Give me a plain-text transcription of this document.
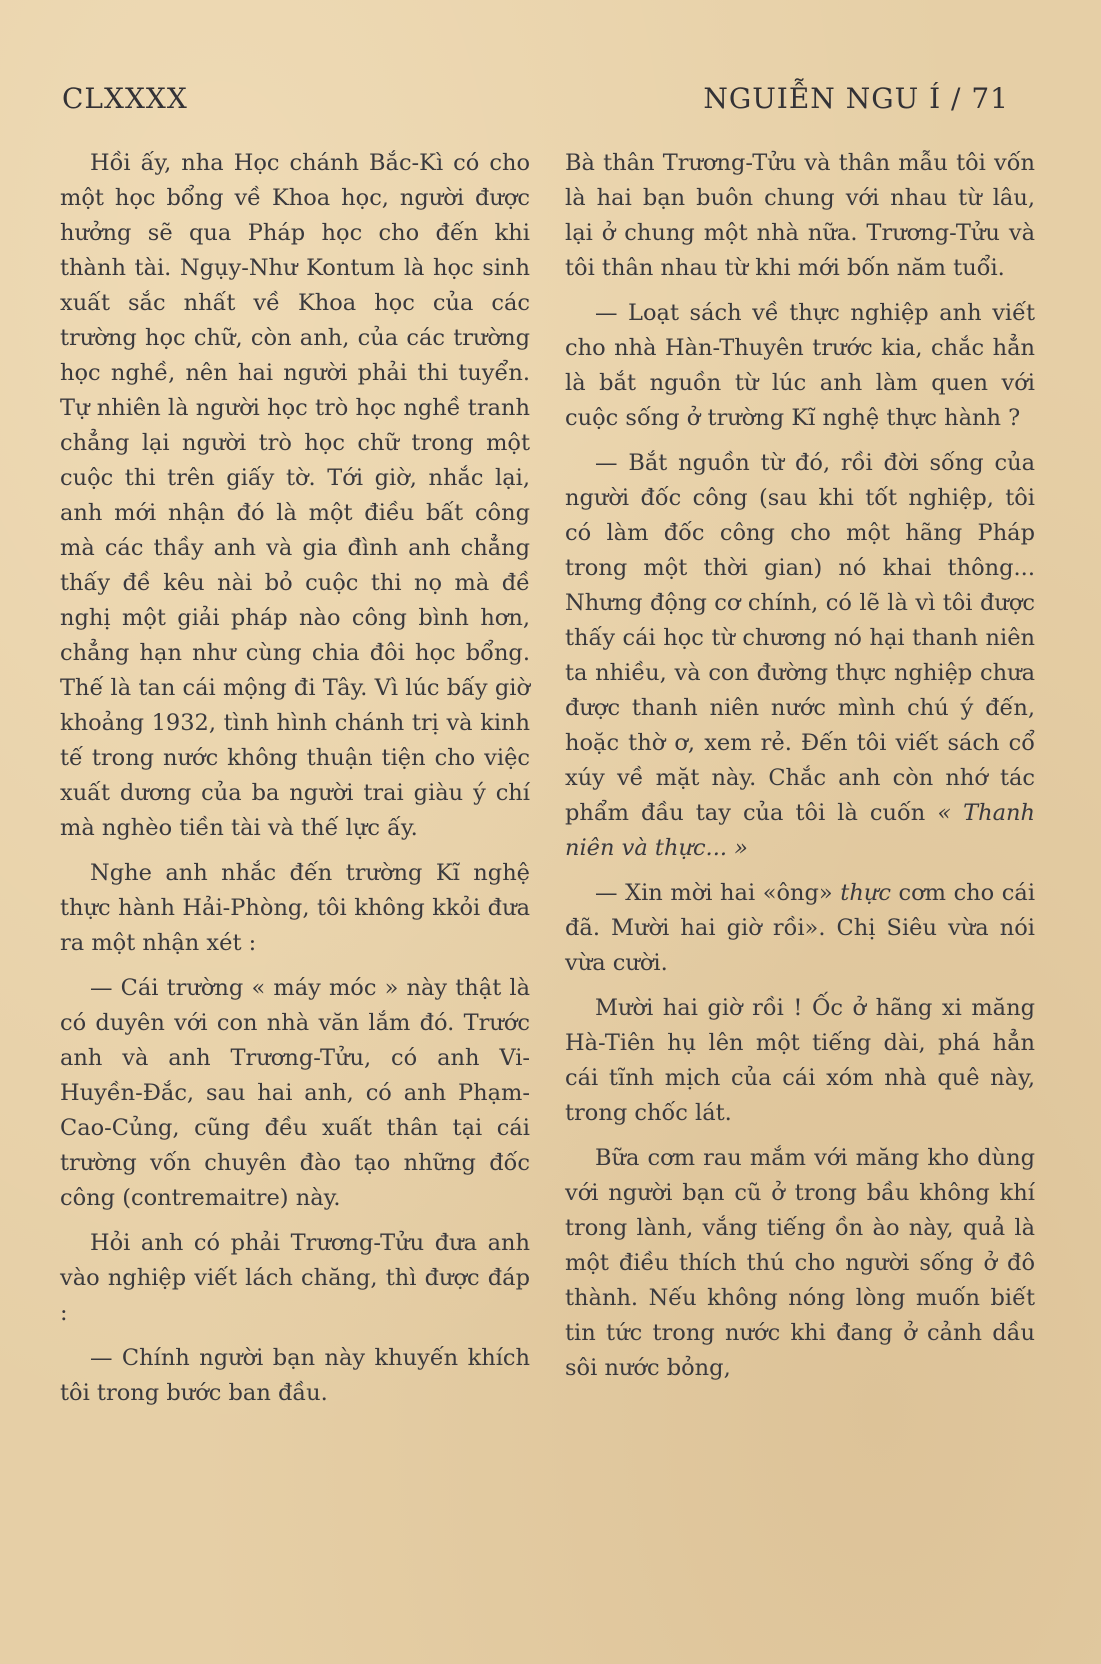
CLXXXX	NGUIỄN NGU Í / 71

Hồi ấy, nha Học chánh Bắc-Kì có cho một học bổng về Khoa học, người được hưởng sẽ qua Pháp học cho đến khi thành tài. Ngụy-Như Kontum là học sinh xuất sắc nhất về Khoa học của các trường học chữ, còn anh, của các trường học nghề, nên hai người phải thi tuyển. Tự nhiên là người học trò học nghề tranh chẳng lại người trò học chữ trong một cuộc thi trên giấy tờ. Tới giờ, nhắc lại, anh mới nhận đó là một điều bất công mà các thầy anh và gia đình anh chẳng thấy đề kêu nài bỏ cuộc thi nọ mà đề nghị một giải pháp nào công bình hơn, chẳng hạn như cùng chia đôi học bổng. Thế là tan cái mộng đi Tây. Vì lúc bấy giờ khoảng 1932, tình hình chánh trị và kinh tế trong nước không thuận tiện cho việc xuất dương của ba người trai giàu ý chí mà nghèo tiền tài và thế lực ấy.

Nghe anh nhắc đến trường Kĩ nghệ thực hành Hải-Phòng, tôi không kkỏi đưa ra một nhận xét :

— Cái trường « máy móc » này thật là có duyên với con nhà văn lắm đó. Trước anh và anh Trương-Tửu, có anh Vi-Huyền-Đắc, sau hai anh, có anh Phạm-Cao-Củng, cũng đều xuất thân tại cái trường vốn chuyên đào tạo những đốc công (contremaitre) này.

Hỏi anh có phải Trương-Tửu đưa anh vào nghiệp viết lách chăng, thì được đáp :

— Chính người bạn này khuyến khích tôi trong bước ban đầu.

Bà thân Trương-Tửu và thân mẫu tôi vốn là hai bạn buôn chung với nhau từ lâu, lại ở chung một nhà nữa. Trương-Tửu và tôi thân nhau từ khi mới bốn năm tuổi.

— Loạt sách về thực nghiệp anh viết cho nhà Hàn-Thuyên trước kia, chắc hẳn là bắt nguồn từ lúc anh làm quen với cuộc sống ở trường Kĩ nghệ thực hành ?

— Bắt nguồn từ đó, rồi đời sống của người đốc công (sau khi tốt nghiệp, tôi có làm đốc công cho một hãng Pháp trong một thời gian) nó khai thông... Nhưng động cơ chính, có lẽ là vì tôi được thấy cái học từ chương nó hại thanh niên ta nhiều, và con đường thực nghiệp chưa được thanh niên nước mình chú ý đến, hoặc thờ ơ, xem rẻ. Đến tôi viết sách cổ xúy về mặt này. Chắc anh còn nhớ tác phẩm đầu tay của tôi là cuốn « Thanh niên và thực... »

— Xin mời hai «ông» thực cơm cho cái đã. Mười hai giờ rồi». Chị Siêu vừa nói vừa cười.

Mười hai giờ rồi ! Ốc ở hãng xi măng Hà-Tiên hụ lên một tiếng dài, phá hẳn cái tĩnh mịch của cái xóm nhà quê này, trong chốc lát.

Bữa cơm rau mắm với măng kho dùng với người bạn cũ ở trong bầu không khí trong lành, vắng tiếng ồn ào này, quả là một điều thích thú cho người sống ở đô thành. Nếu không nóng lòng muốn biết tin tức trong nước khi đang ở cảnh dầu sôi nước bỏng,
